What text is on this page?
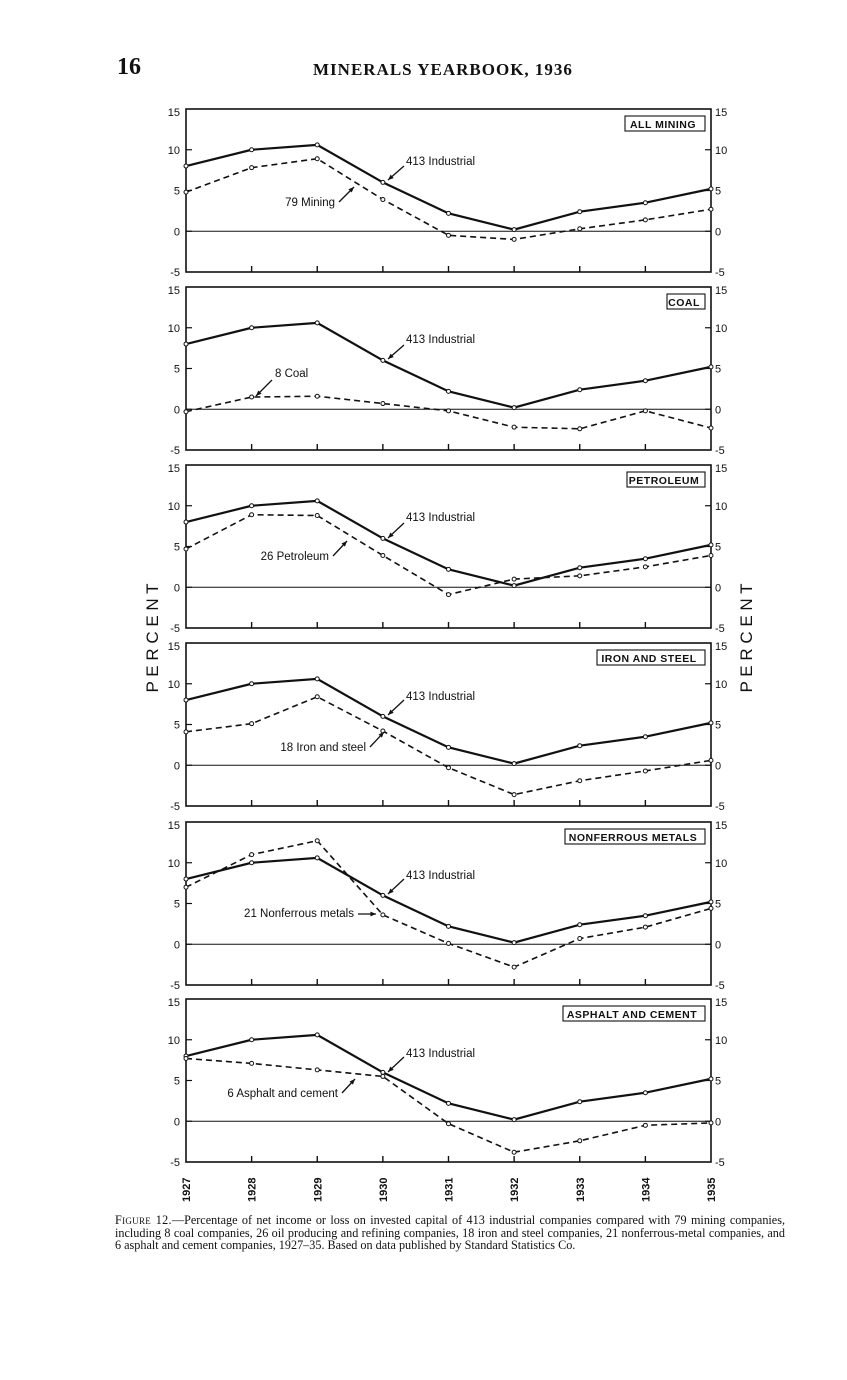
16	MINERALS YEARBOOK, 1936
P E R C E N T	P E R C E N T
15	15
10	10
5	5
0	0
-5	-5
ALL MINING
413 Industrial
79 Mining
15	15
10	10
5	5
0	0
-5	-5
COAL
413 Industrial
8 Coal
15	15
10	10
5	5
0	0
-5	-5
PETROLEUM
413 Industrial
26 Petroleum
15	15
10	10
5	5
0	0
-5	-5
IRON AND STEEL
413 Industrial
18 Iron and steel
15	15
10	10
5	5
0	0
-5	-5
NONFERROUS METALS
413 Industrial
21 Nonferrous metals
15	15
10	10
5	5
0	0
-5	-5
ASPHALT AND CEMENT
413 Industrial
6 Asphalt and cement
1927	1928	1929	1930	1931	1932	1933	1934	1935
Figure 12.—Percentage of net income or loss on invested capital of 413 industrial companies compared with 79 mining companies, including 8 coal companies, 26 oil producing and refining companies, 18 iron and steel companies, 21 nonferrous-metal companies, and 6 asphalt and cement companies, 1927–35. Based on data published by Standard Statistics Co.
